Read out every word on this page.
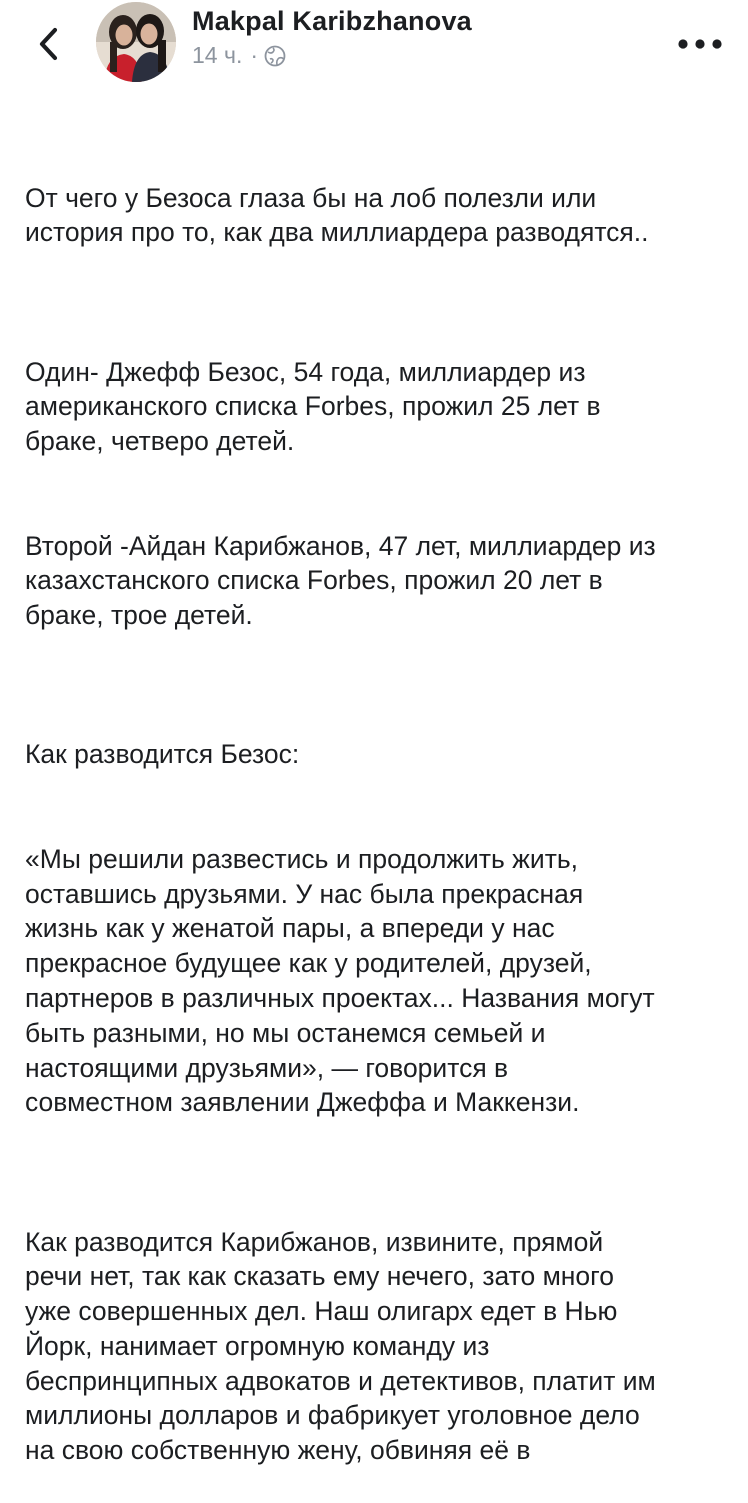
Makpal Karibzhanova
14 ч. ·

От чего у Безоса глаза бы на лоб полезли или
история про то, как два миллиардера разводятся..

Один- Джефф Безос, 54 года, миллиардер из
американского списка Forbes, прожил 25 лет в
браке, четверо детей.

Второй -Айдан Карибжанов, 47 лет, миллиардер из
казахстанского списка Forbes, прожил 20 лет в
браке, трое детей.

Как разводится Безос:

«Мы решили развестись и продолжить жить,
оставшись друзьями. У нас была прекрасная
жизнь как у женатой пары, а впереди у нас
прекрасное будущее как у родителей, друзей,
партнеров в различных проектах... Названия могут
быть разными, но мы останемся семьей и
настоящими друзьями», — говорится в
совместном заявлении Джеффа и Маккензи.

Как разводится Карибжанов, извините, прямой
речи нет, так как сказать ему нечего, зато много
уже совершенных дел. Наш олигарх едет в Нью
Йорк, нанимает огромную команду из
беспринципных адвокатов и детективов, платит им
миллионы долларов и фабрикует уголовное дело
на свою собственную жену, обвиняя её в
